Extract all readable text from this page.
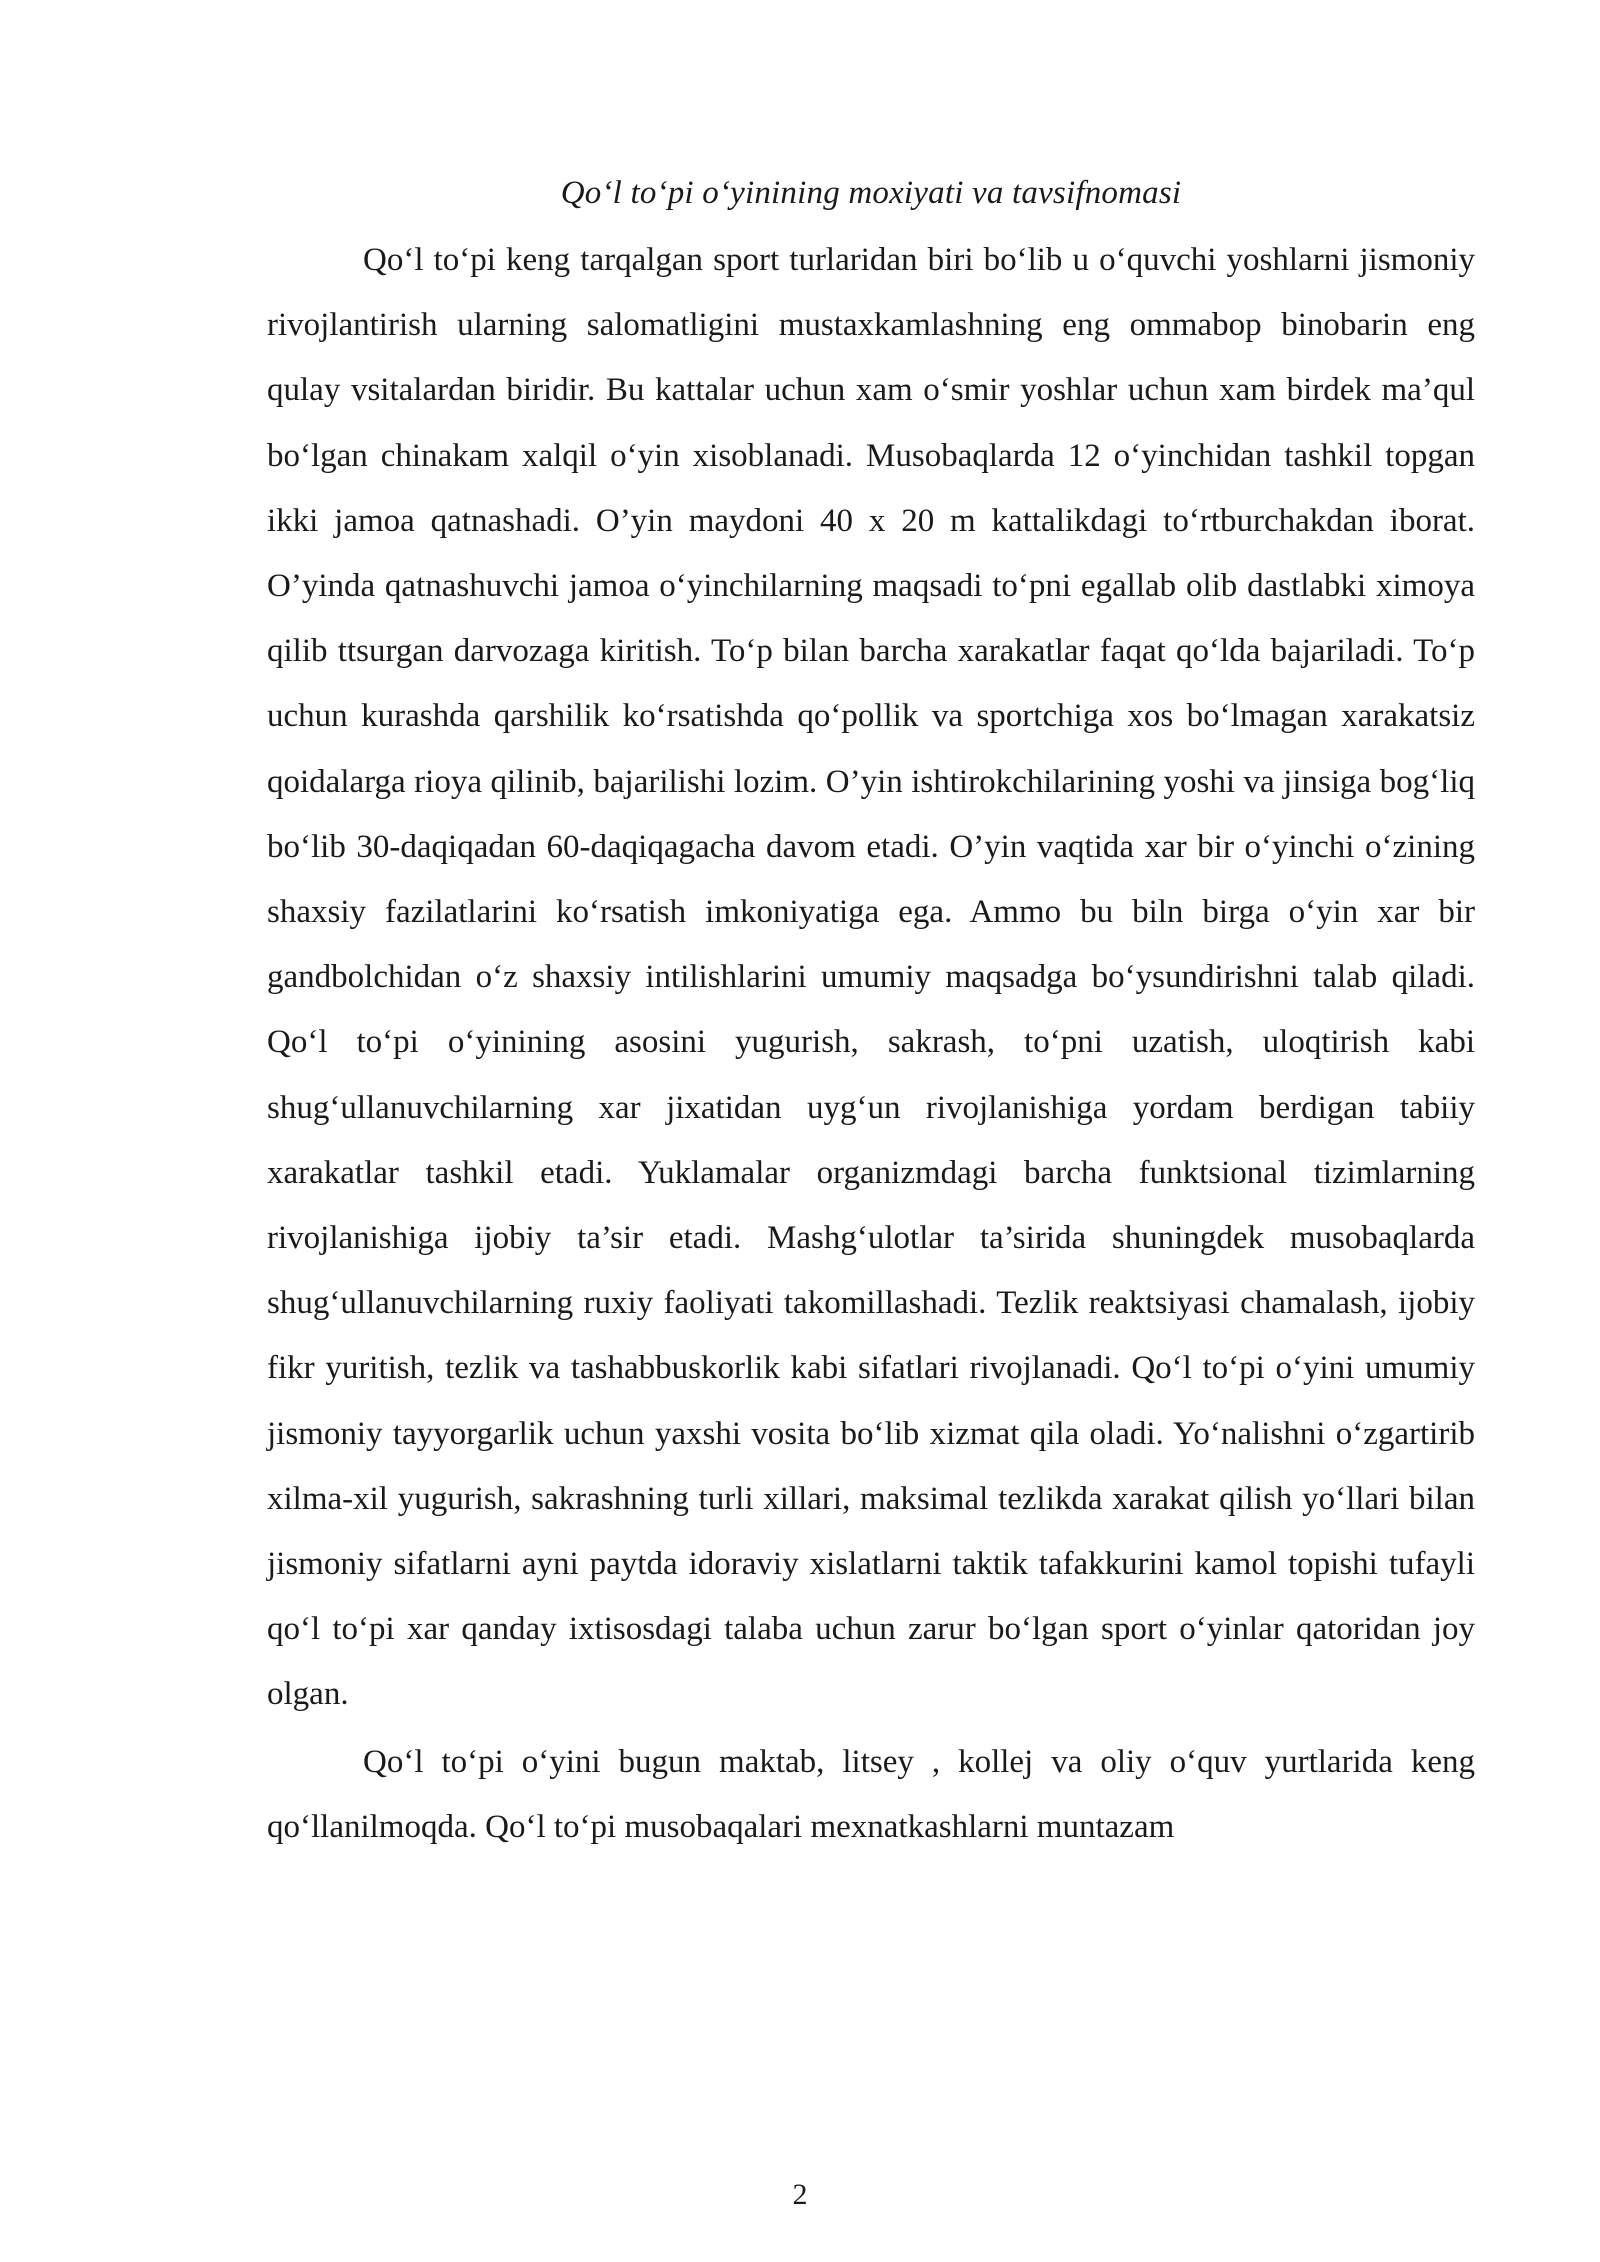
Qo‘l to‘pi o‘yinining moxiyati va tavsifnomasi

Qo‘l to‘pi keng tarqalgan sport turlaridan biri bo‘lib u o‘quvchi yoshlarni jismoniy rivojlantirish ularning salomatligini mustaxkamlashning eng ommabop binobarin eng qulay vsitalardan biridir. Bu kattalar uchun xam o‘smir yoshlar uchun xam birdek ma’qul bo‘lgan chinakam xalqil o‘yin xisoblanadi. Musobaqlarda 12 o‘yinchidan tashkil topgan ikki jamoa qatnashadi. O’yin maydoni 40 x 20 m kattalikdagi to‘rtburchakdan iborat. O’yinda qatnashuvchi jamoa o‘yinchilarning maqsadi to‘pni egallab olib dastlabki ximoya qilib ttsurgan darvozaga kiritish. To‘p bilan barcha xarakatlar faqat qo‘lda bajariladi. To‘p uchun kurashda qarshilik ko‘rsatishda qo‘pollik va sportchiga xos bo‘lmagan xarakatsiz qoidalarga rioya qilinib, bajarilishi lozim. O’yin ishtirokchilarining yoshi va jinsiga bog‘liq bo‘lib 30-daqiqadan 60-daqiqagacha davom etadi. O’yin vaqtida xar bir o‘yinchi o‘zining shaxsiy fazilatlarini ko‘rsatish imkoniyatiga ega. Ammo bu biln birga o‘yin xar bir gandbolchidan o‘z shaxsiy intilishlarini umumiy maqsadga bo‘ysundirishni talab qiladi. Qo‘l to‘pi o‘yinining asosini yugurish, sakrash, to‘pni uzatish, uloqtirish kabi shug‘ullanuvchilarning xar jixatidan uyg‘un rivojlanishiga yordam berdigan tabiiy xarakatlar tashkil etadi. Yuklamalar organizmdagi barcha funktsional tizimlarning rivojlanishiga ijobiy ta’sir etadi. Mashg‘ulotlar ta’sirida shuningdek musobaqlarda shug‘ullanuvchilarning ruxiy faoliyati takomillashadi. Tezlik reaktsiyasi chamalash, ijobiy fikr yuritish, tezlik va tashabbuskorlik kabi sifatlari rivojlanadi. Qo‘l to‘pi o‘yini umumiy jismoniy tayyorgarlik uchun yaxshi vosita bo‘lib xizmat qila oladi. Yo‘nalishni o‘zgartirib xilma-xil yugurish, sakrashning turli xillari, maksimal tezlikda xarakat qilish yo‘llari bilan jismoniy sifatlarni ayni paytda idoraviy xislatlarni taktik tafakkurini kamol topishi tufayli qo‘l to‘pi xar qanday ixtisosdagi talaba uchun zarur bo‘lgan sport o‘yinlar qatoridan joy olgan.

Qo‘l to‘pi o‘yini bugun maktab, litsey , kollej va oliy o‘quv yurtlarida keng qo‘llanilmoqda. Qo‘l to‘pi musobaqalari mexnatkashlarni muntazam

2
